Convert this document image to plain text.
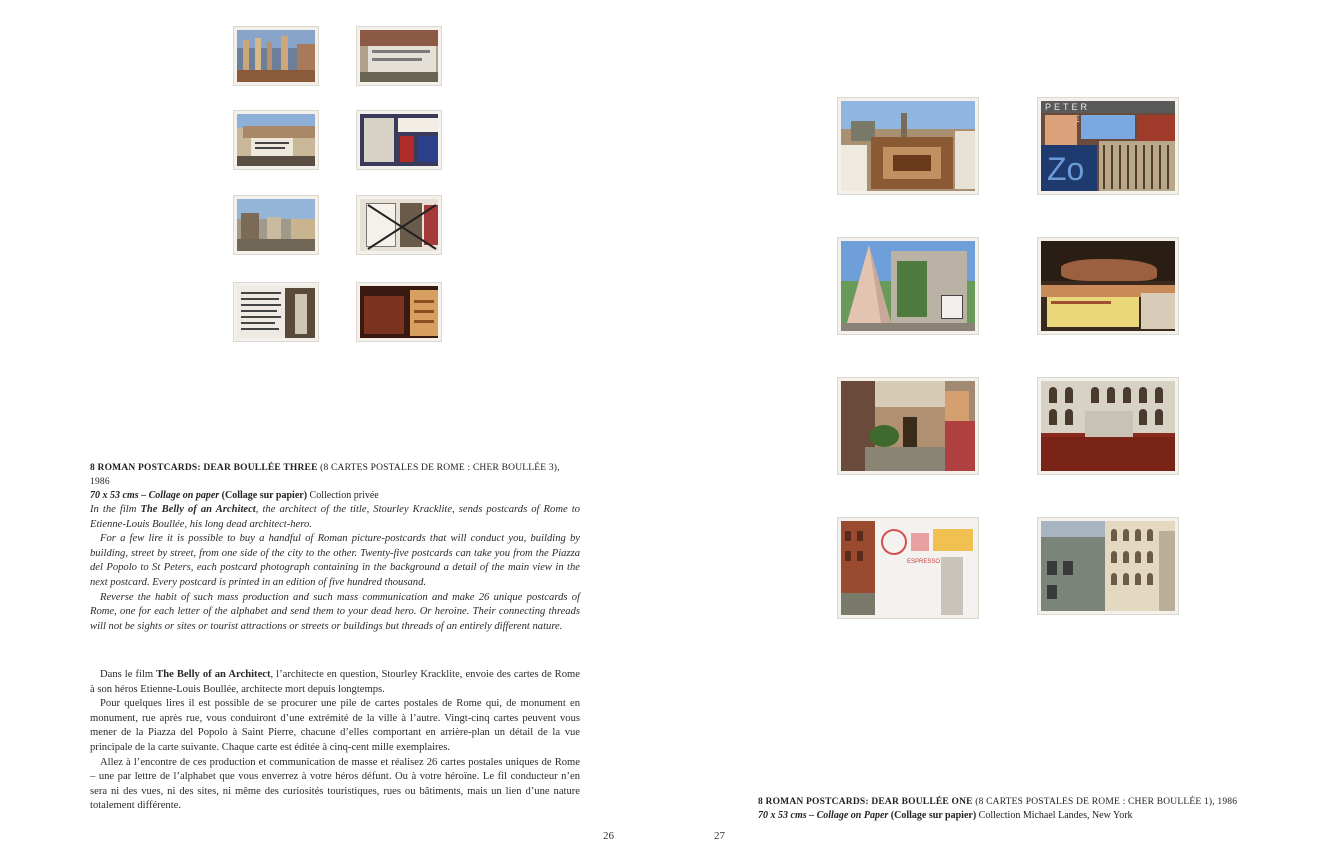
8 ROMAN POSTCARDS: DEAR BOULLÉE THREE (8 CARTES POSTALES DE ROME : CHER BOULLÉE 3), 1986
70 x 53 cms – Collage on paper (Collage sur papier) Collection privée

In the film The Belly of an Architect, the architect of the title, Stourley Kracklite, sends postcards of Rome to Etienne-Louis Boullée, his long dead architect-hero.

For a few lire it is possible to buy a handful of Roman picture-postcards that will conduct you, building by building, street by street, from one side of the city to the other. Twenty-five postcards can take you from the Piazza del Popolo to St Peters, each postcard photograph containing in the background a detail of the main view in the next postcard. Every postcard is printed in an edition of five hundred thousand.

Reverse the habit of such mass production and such mass communication and make 26 unique postcards of Rome, one for each letter of the alphabet and send them to your dead hero. Or heroine. Their connecting threads will not be sights or sites or tourist attractions or streets or buildings but threads of an entirely different nature.

Dans le film The Belly of an Architect, l’architecte en question, Stourley Kracklite, envoie des cartes de Rome à son héros Etienne-Louis Boullée, architecte mort depuis longtemps.

Pour quelques lires il est possible de se procurer une pile de cartes postales de Rome qui, de monument en monument, rue après rue, vous conduiront d’une extrémité de la ville à l’autre. Vingt-cinq cartes peuvent vous mener de la Piazza del Popolo à Saint Pierre, chacune d’elles comportant en arrière-plan un détail de la vue principale de la carte suivante. Chaque carte est éditée à cinq-cent mille exemplaires.

Allez à l’encontre de ces production et communication de masse et réalisez 26 cartes postales uniques de Rome – une par lettre de l’alphabet que vous enverrez à votre héros défunt. Ou à votre héroïne. Le fil conducteur n’en sera ni des vues, ni des sites, ni même des curiosités touristiques, rues ou bâtiments, mais un lien d’une nature totalement différente.

26
PETER
Zo
ESPRESSO
8 ROMAN POSTCARDS: DEAR BOULLÉE ONE (8 CARTES POSTALES DE ROME : CHER BOULLÉE 1), 1986
70 x 53 cms – Collage on Paper (Collage sur papier) Collection Michael Landes, New York
27
